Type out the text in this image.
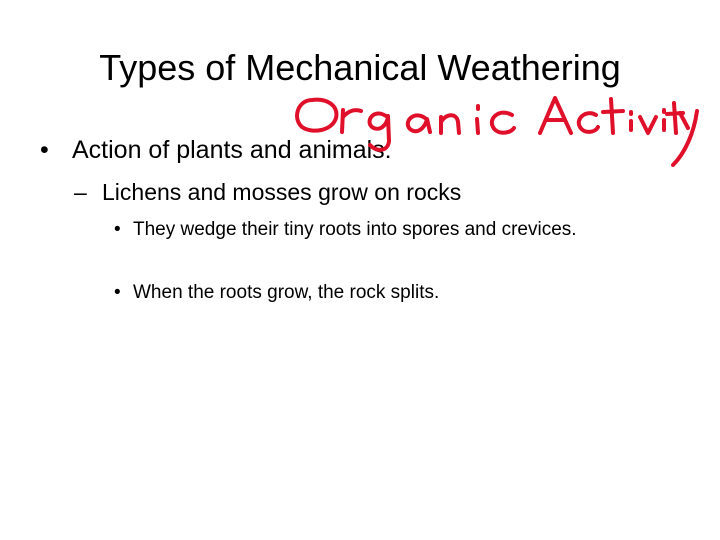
Types of Mechanical Weathering
• Action of plants and animals:
– Lichens and mosses grow on rocks
• They wedge their tiny roots into spores and crevices.
• When the roots grow, the rock splits.
